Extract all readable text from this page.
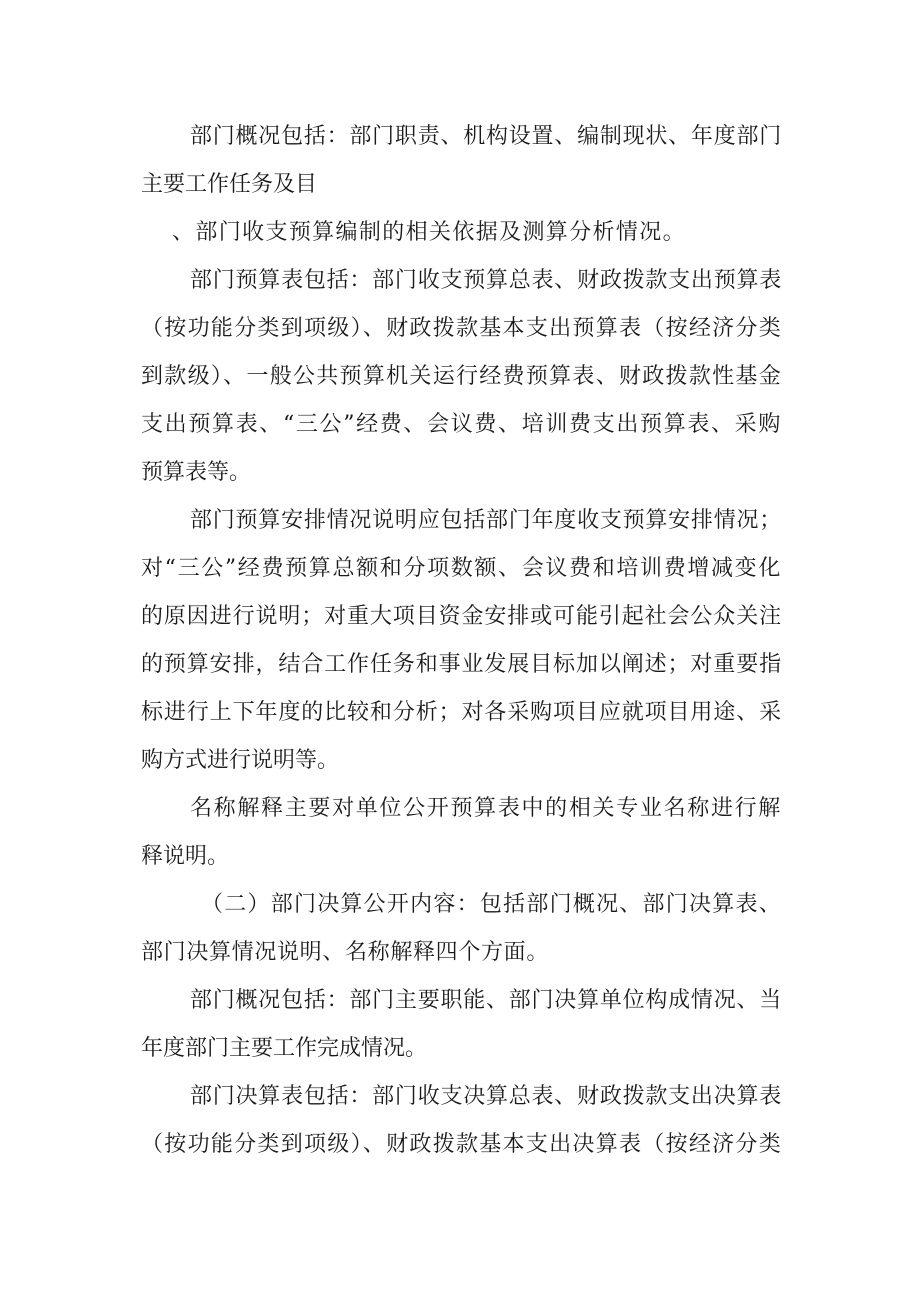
部门概况包括：部门职责、机构设置、编制现状、年度部门
主要工作任务及目
、部门收支预算编制的相关依据及测算分析情况。
部门预算表包括：部门收支预算总表、财政拨款支出预算表
（按功能分类到项级）、财政拨款基本支出预算表（按经济分类
到款级）、一般公共预算机关运行经费预算表、财政拨款性基金
支出预算表、“三公”经费、会议费、培训费支出预算表、采购
预算表等。
部门预算安排情况说明应包括部门年度收支预算安排情况；
对“三公”经费预算总额和分项数额、会议费和培训费增减变化
的原因进行说明；对重大项目资金安排或可能引起社会公众关注
的预算安排，结合工作任务和事业发展目标加以阐述；对重要指
标进行上下年度的比较和分析；对各采购项目应就项目用途、采
购方式进行说明等。
名称解释主要对单位公开预算表中的相关专业名称进行解
释说明。
（二）部门决算公开内容：包括部门概况、部门决算表、
部门决算情况说明、名称解释四个方面。
部门概况包括：部门主要职能、部门决算单位构成情况、当
年度部门主要工作完成情况。
部门决算表包括：部门收支决算总表、财政拨款支出决算表
（按功能分类到项级）、财政拨款基本支出决算表（按经济分类
